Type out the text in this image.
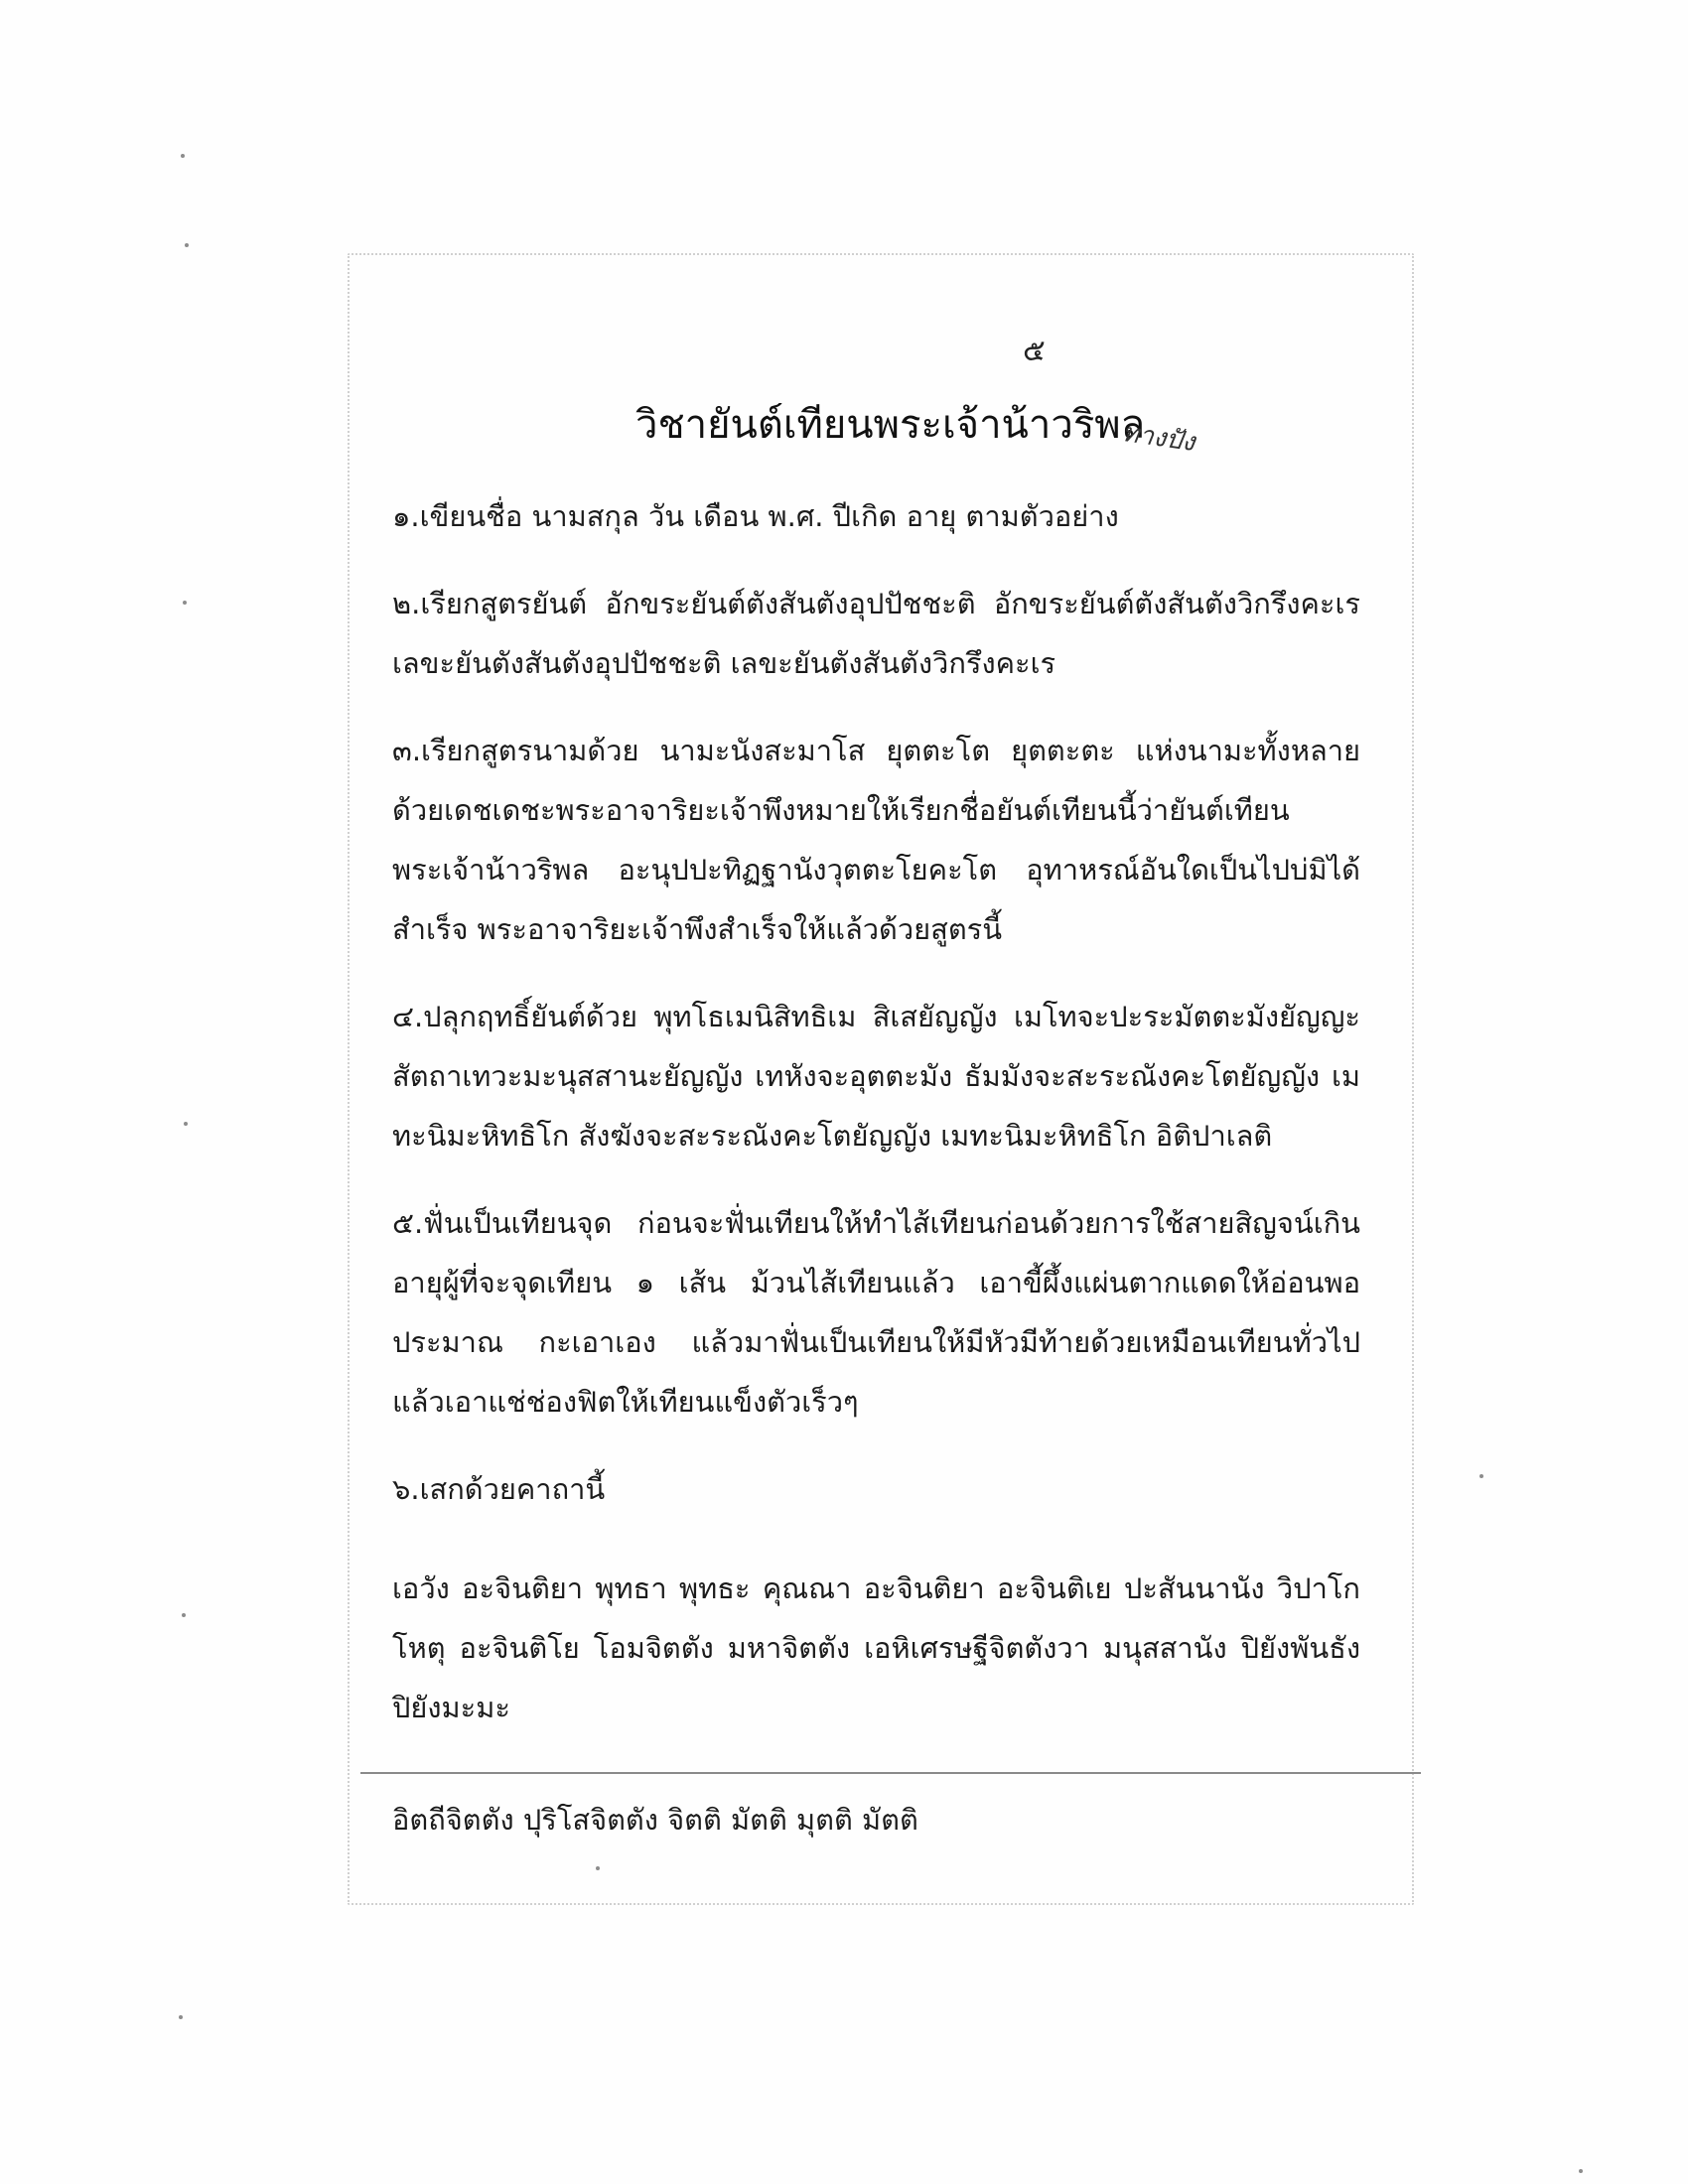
๕
วิชายันต์เทียนพระเจ้าน้าวริพล
ทางปัง

๑.เขียนชื่อ นามสกุล วัน เดือน พ.ศ. ปีเกิด อายุ ตามตัวอย่าง

๒.เรียกสูตรยันต์ อักขระยันต์ตังสันตังอุปปัชชะติ อักขระยันต์ตังสันตังวิกรึงคะเร เลขะยันตังสันตังอุปปัชชะติ เลขะยันตังสันตังวิกรึงคะเร

๓.เรียกสูตรนามด้วย นามะนังสะมาโส ยุตตะโต ยุตตะตะ แห่งนามะทั้งหลาย ด้วยเดชเดชะพระอาจาริยะเจ้าพึงหมายให้เรียกชื่อยันต์เทียนนี้ว่ายันต์เทียนพระเจ้าน้าวริพล อะนุปปะทิฏฐานังวุตตะโยคะโต อุทาหรณ์อันใดเป็นไปบ่มิได้สำเร็จ พระอาจาริยะเจ้าพึงสำเร็จให้แล้วด้วยสูตรนี้

๔.ปลุกฤทธิ์ยันต์ด้วย พุทโธเมนิสิทธิเม สิเสยัญญัง เมโทจะปะระมัตตะมังยัญญะสัตถาเทวะมะนุสสานะยัญญัง เทหังจะอุตตะมัง ธัมมังจะสะระณังคะโตยัญญัง เมทะนิมะหิทธิโก สังฆังจะสะระณังคะโตยัญญัง เมทะนิมะหิทธิโก อิติปาเลติ

๕.ฟั่นเป็นเทียนจุด ก่อนจะฟั่นเทียนให้ทำไส้เทียนก่อนด้วยการใช้สายสิญจน์เกินอายุผู้ที่จะจุดเทียน ๑ เส้น ม้วนไส้เทียนแล้ว เอาขี้ผึ้งแผ่นตากแดดให้อ่อนพอประมาณ กะเอาเอง แล้วมาฟั่นเป็นเทียนให้มีหัวมีท้ายด้วยเหมือนเทียนทั่วไป แล้วเอาแช่ช่องฟิตให้เทียนแข็งตัวเร็วๆ

๖.เสกด้วยคาถานี้

เอวัง อะจินติยา พุทธา พุทธะ คุณณา อะจินติยา อะจินติเย ปะสันนานัง วิปาโกโหตุ อะจินติโย โอมจิตตัง มหาจิตตัง เอหิเศรษฐีจิตตังวา มนุสสานัง ปิยังพันธัง ปิยังมะมะ

อิตถีจิตตัง ปุริโสจิตตัง จิตติ มัตติ มุตติ มัตติ
